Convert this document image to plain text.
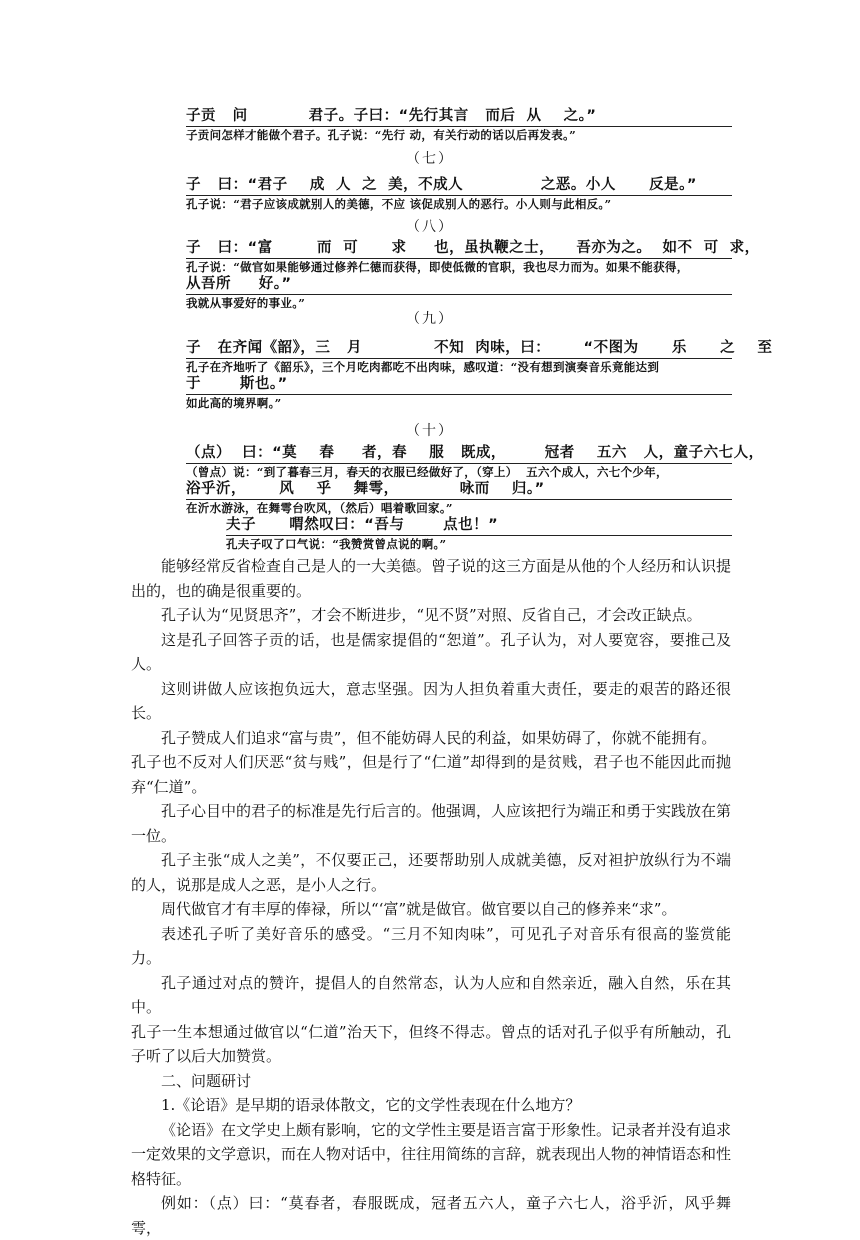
子贡   问           君子。子曰：“先行其言   而后  从    之。”
子贡问怎样才能做个君子。孔子说：“先行 动，有关行动的话以后再发表。”
（七）
子   曰：“君子    成  人  之  美，不成人              之恶。小人      反是。”
孔子说：“君子应该成就别人的美德，不应 该促成别人的恶行。小人则与此相反。”
（八）
子   曰：“富        而  可      求     也，虽执鞭之士，    吾亦为之。  如不  可  求，
孔子说：“做官如果能够通过修养仁德而获得，即使低微的官职，我也尽力而为。如果不能获得，
从吾所     好。”
我就从事爱好的事业。”
（九）
子   在齐闻《韶》，三   月             不知  肉味，曰：      “不图为      乐      之    至
孔子在齐地听了《韶乐》，三个月吃肉都吃不出肉味，感叹道：“没有想到演奏音乐竟能达到
于       斯也。”
如此高的境界啊。”
（十）
（点）  曰：“莫    春     者，春    服   既成，       冠者    五六   人，童子六七人，
（曾点）说：“到了暮春三月，春天的衣服已经做好了，（穿上）  五六个成人，六七个少年，
浴乎沂，      风    乎    舞雩，           咏而    归。”
在沂水游泳，在舞雩台吹风，（然后）唱着歌回家。”
夫子      喟然叹曰：“吾与       点也！”
孔夫子叹了口气说：“我赞赏曾点说的啊。”

能够经常反省检查自己是人的一大美德。曾子说的这三方面是从他的个人经历和认识提出的，也的确是很重要的。

孔子认为“见贤思齐”，才会不断进步，“见不贤”对照、反省自己，才会改正缺点。

这是孔子回答子贡的话，也是儒家提倡的“恕道”。孔子认为，对人要宽容，要推己及人。

这则讲做人应该抱负远大，意志坚强。因为人担负着重大责任，要走的艰苦的路还很长。

孔子赞成人们追求“富与贵”，但不能妨碍人民的利益，如果妨碍了，你就不能拥有。

孔子也不反对人们厌恶“贫与贱”，但是行了“仁道”却得到的是贫贱，君子也不能因此而抛弃“仁道”。

孔子心目中的君子的标准是先行后言的。他强调，人应该把行为端正和勇于实践放在第一位。

孔子主张“成人之美”，不仅要正己，还要帮助别人成就美德，反对袒护放纵行为不端的人，说那是成人之恶，是小人之行。

周代做官才有丰厚的俸禄，所以“‘富”就是做官。做官要以自己的修养来“求”。

表述孔子听了美好音乐的感受。“三月不知肉味”，可见孔子对音乐有很高的鉴赏能力。

孔子通过对点的赞许，提倡人的自然常态，认为人应和自然亲近，融入自然，乐在其中。

孔子一生本想通过做官以“仁道”治天下，但终不得志。曾点的话对孔子似乎有所触动，孔子听了以后大加赞赏。

二、问题研讨

1.《论语》是早期的语录体散文，它的文学性表现在什么地方？

《论语》在文学史上颇有影响，它的文学性主要是语言富于形象性。记录者并没有追求一定效果的文学意识，而在人物对话中，往往用简练的言辞，就表现出人物的神情语态和性格特征。

例如：（点）曰：“莫春者，春服既成，冠者五六人，童子六七人，浴乎沂，风乎舞雩，
